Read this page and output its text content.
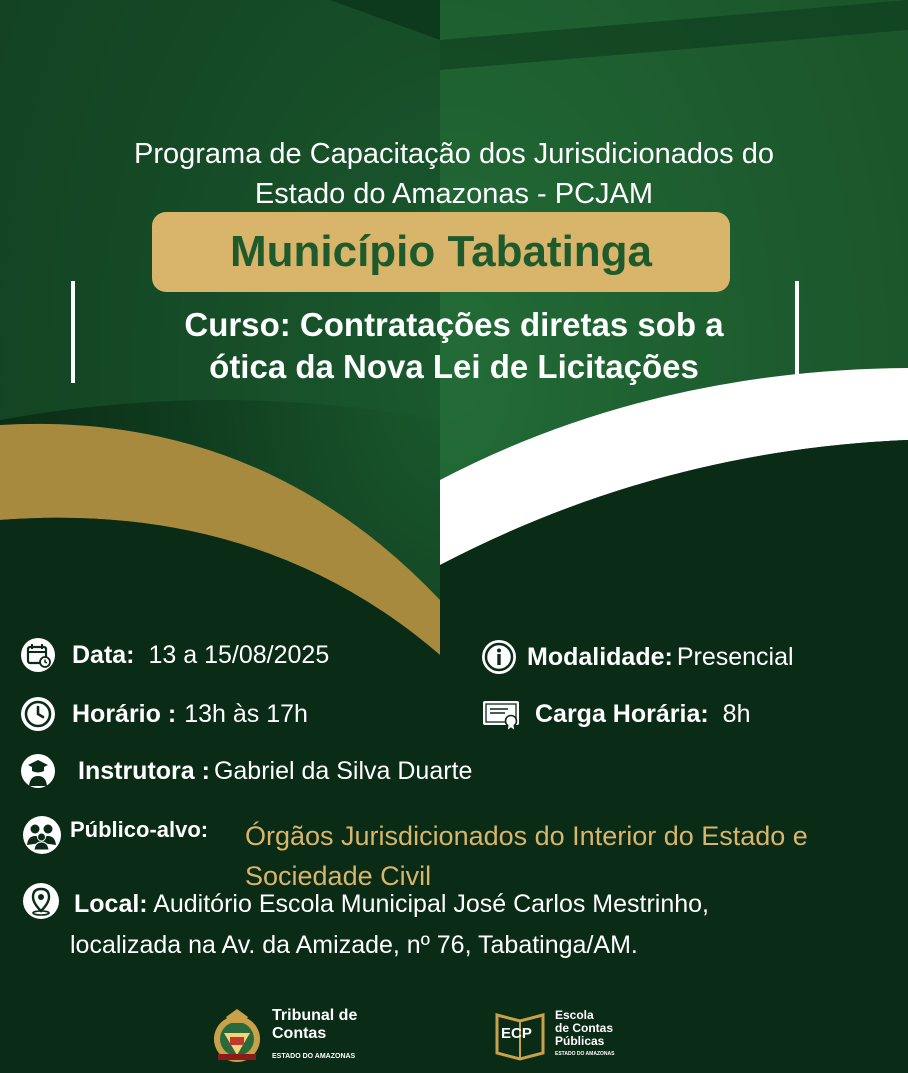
Programa de Capacitação dos Jurisdicionados do
Estado do Amazonas - PCJAM
Município Tabatinga
Curso: Contratações diretas sob a
ótica da Nova Lei de Licitações
Data: 13 a 15/08/2025	Modalidade: Presencial
Horário : 13h às 17h	Carga Horária: 8h
Instrutora : Gabriel da Silva Duarte
Público-alvo: Órgãos Jurisdicionados do Interior do Estado e
Sociedade Civil
Local: Auditório Escola Municipal José Carlos Mestrinho,
localizada na Av. da Amizade, nº 76, Tabatinga/AM.
Tribunal de
Contas
ESTADO DO AMAZONAS
ECP
Escola
de Contas
Públicas
ESTADO DO AMAZONAS
